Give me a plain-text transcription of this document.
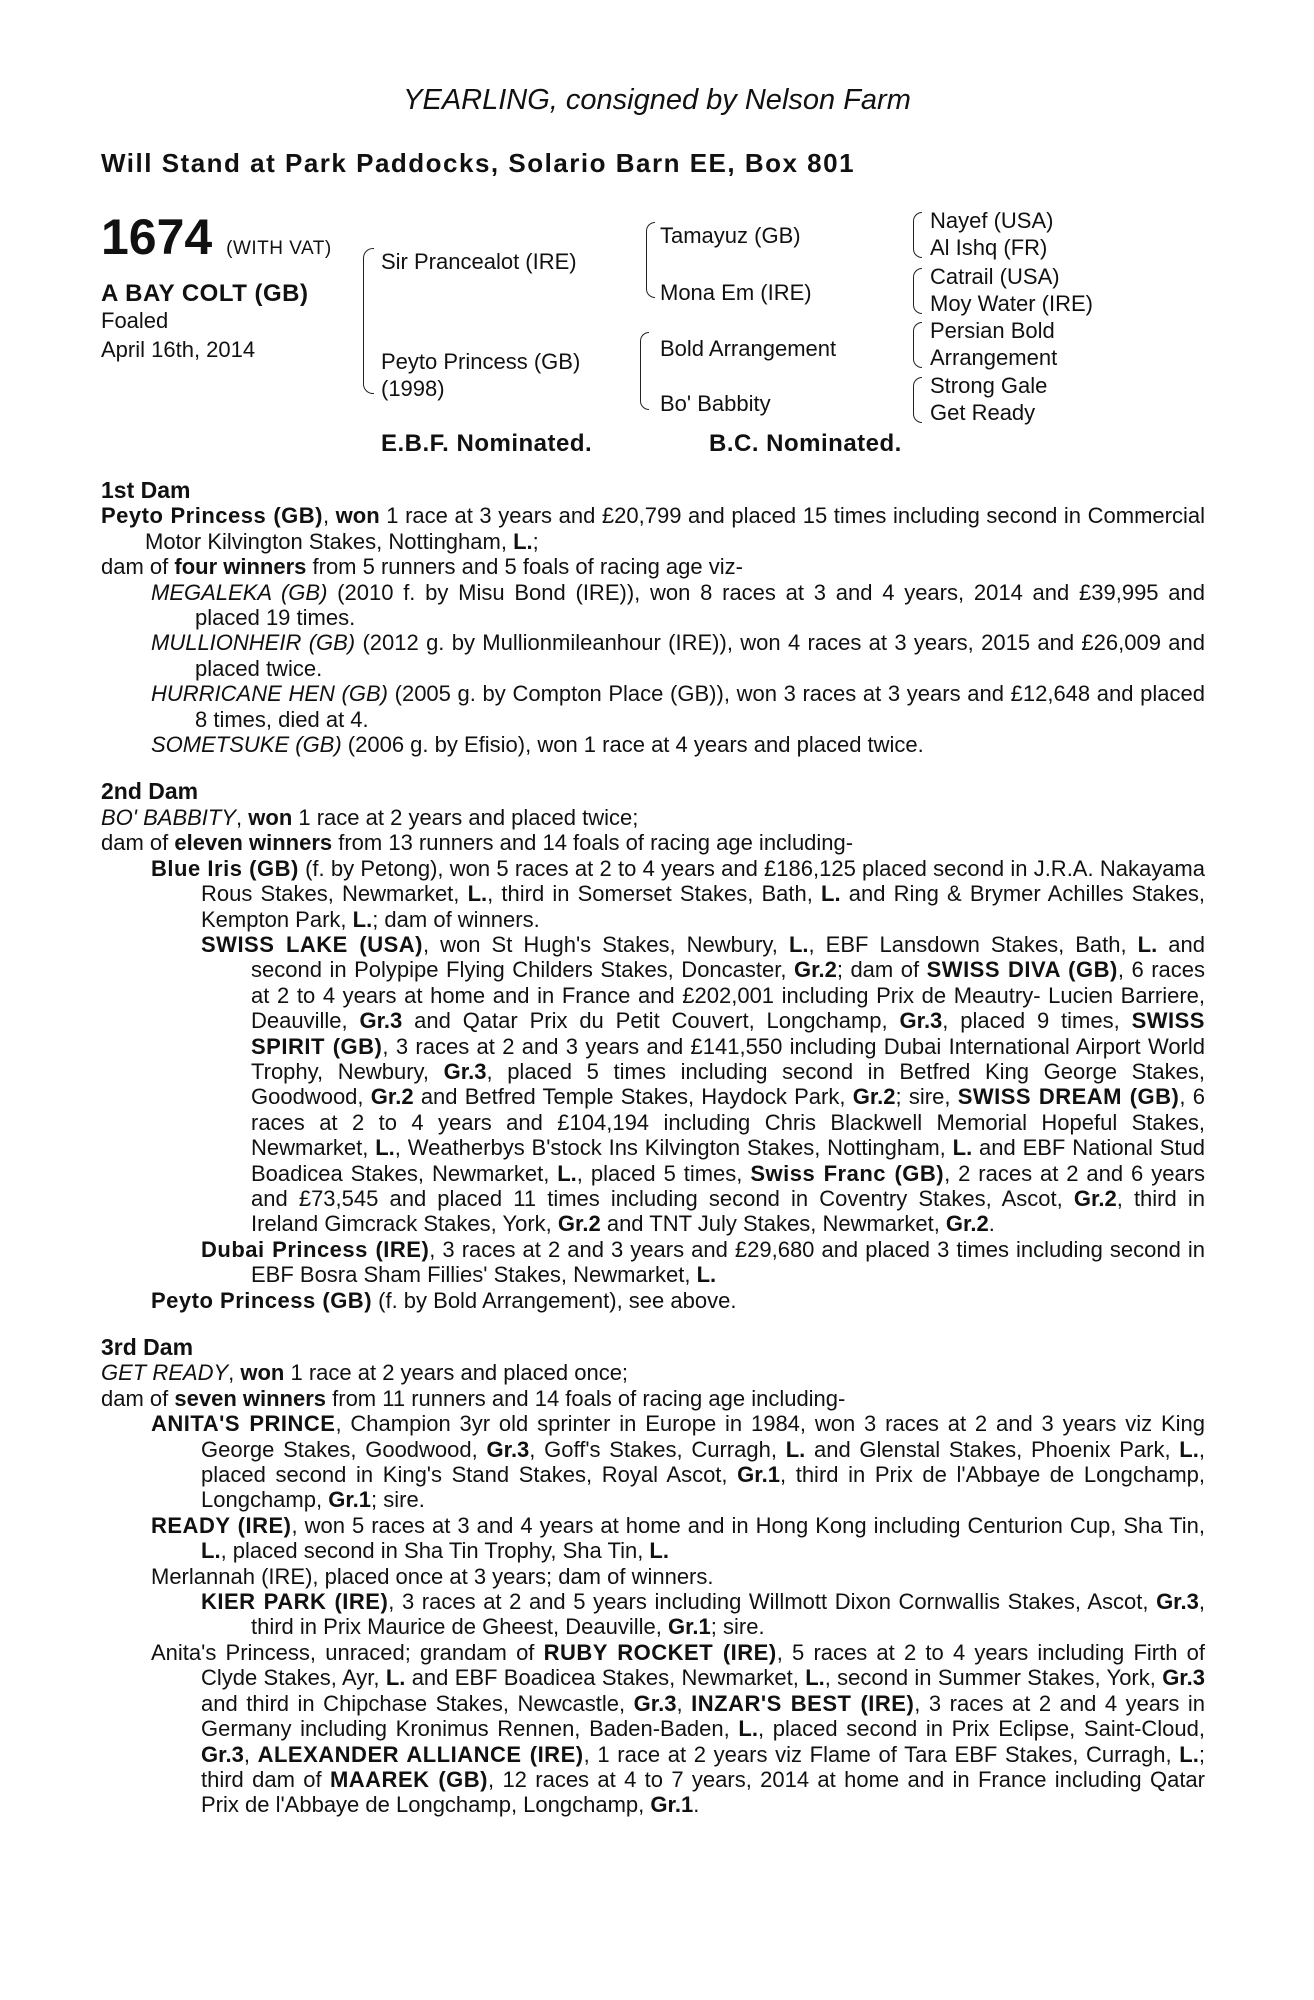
YEARLING, consigned by Nelson Farm
Will Stand at Park Paddocks, Solario Barn EE, Box 801
1674 (WITH VAT)
A BAY COLT (GB)
Foaled
April 16th, 2014
Sir Prancealot (IRE)
Peyto Princess (GB)
(1998)
Tamayuz (GB)
Mona Em (IRE)
Bold Arrangement
Bo' Babbity
Nayef (USA)
Al Ishq (FR)
Catrail (USA)
Moy Water (IRE)
Persian Bold
Arrangement
Strong Gale
Get Ready
E.B.F. Nominated.	B.C. Nominated.
1st Dam

Peyto Princess (GB), won 1 race at 3 years and £20,799 and placed 15 times including second in Commercial Motor Kilvington Stakes, Nottingham, L.;

dam of four winners from 5 runners and 5 foals of racing age viz-

MEGALEKA (GB) (2010 f. by Misu Bond (IRE)), won 8 races at 3 and 4 years, 2014 and £39,995 and placed 19 times.

MULLIONHEIR (GB) (2012 g. by Mullionmileanhour (IRE)), won 4 races at 3 years, 2015 and £26,009 and placed twice.

HURRICANE HEN (GB) (2005 g. by Compton Place (GB)), won 3 races at 3 years and £12,648 and placed 8 times, died at 4.

SOMETSUKE (GB) (2006 g. by Efisio), won 1 race at 4 years and placed twice.

2nd Dam

BO' BABBITY, won 1 race at 2 years and placed twice;

dam of eleven winners from 13 runners and 14 foals of racing age including-

Blue Iris (GB) (f. by Petong), won 5 races at 2 to 4 years and £186,125 placed second in J.R.A. Nakayama Rous Stakes, Newmarket, L., third in Somerset Stakes, Bath, L. and Ring & Brymer Achilles Stakes, Kempton Park, L.; dam of winners.

SWISS LAKE (USA), won St Hugh's Stakes, Newbury, L., EBF Lansdown Stakes, Bath, L. and second in Polypipe Flying Childers Stakes, Doncaster, Gr.2; dam of SWISS DIVA (GB), 6 races at 2 to 4 years at home and in France and £202,001 including Prix de Meautry- Lucien Barriere, Deauville, Gr.3 and Qatar Prix du Petit Couvert, Longchamp, Gr.3, placed 9 times, SWISS SPIRIT (GB), 3 races at 2 and 3 years and £141,550 including Dubai International Airport World Trophy, Newbury, Gr.3, placed 5 times including second in Betfred King George Stakes, Goodwood, Gr.2 and Betfred Temple Stakes, Haydock Park, Gr.2; sire, SWISS DREAM (GB), 6 races at 2 to 4 years and £104,194 including Chris Blackwell Memorial Hopeful Stakes, Newmarket, L., Weatherbys B'stock Ins Kilvington Stakes, Nottingham, L. and EBF National Stud Boadicea Stakes, Newmarket, L., placed 5 times, Swiss Franc (GB), 2 races at 2 and 6 years and £73,545 and placed 11 times including second in Coventry Stakes, Ascot, Gr.2, third in Ireland Gimcrack Stakes, York, Gr.2 and TNT July Stakes, Newmarket, Gr.2.

Dubai Princess (IRE), 3 races at 2 and 3 years and £29,680 and placed 3 times including second in EBF Bosra Sham Fillies' Stakes, Newmarket, L.

Peyto Princess (GB) (f. by Bold Arrangement), see above.

3rd Dam

GET READY, won 1 race at 2 years and placed once;

dam of seven winners from 11 runners and 14 foals of racing age including-

ANITA'S PRINCE, Champion 3yr old sprinter in Europe in 1984, won 3 races at 2 and 3 years viz King George Stakes, Goodwood, Gr.3, Goff's Stakes, Curragh, L. and Glenstal Stakes, Phoenix Park, L., placed second in King's Stand Stakes, Royal Ascot, Gr.1, third in Prix de l'Abbaye de Longchamp, Longchamp, Gr.1; sire.

READY (IRE), won 5 races at 3 and 4 years at home and in Hong Kong including Centurion Cup, Sha Tin, L., placed second in Sha Tin Trophy, Sha Tin, L.

Merlannah (IRE), placed once at 3 years; dam of winners.

KIER PARK (IRE), 3 races at 2 and 5 years including Willmott Dixon Cornwallis Stakes, Ascot, Gr.3, third in Prix Maurice de Gheest, Deauville, Gr.1; sire.

Anita's Princess, unraced; grandam of RUBY ROCKET (IRE), 5 races at 2 to 4 years including Firth of Clyde Stakes, Ayr, L. and EBF Boadicea Stakes, Newmarket, L., second in Summer Stakes, York, Gr.3 and third in Chipchase Stakes, Newcastle, Gr.3, INZAR'S BEST (IRE), 3 races at 2 and 4 years in Germany including Kronimus Rennen, Baden-Baden, L., placed second in Prix Eclipse, Saint-Cloud, Gr.3, ALEXANDER ALLIANCE (IRE), 1 race at 2 years viz Flame of Tara EBF Stakes, Curragh, L.; third dam of MAAREK (GB), 12 races at 4 to 7 years, 2014 at home and in France including Qatar Prix de l'Abbaye de Longchamp, Longchamp, Gr.1.
